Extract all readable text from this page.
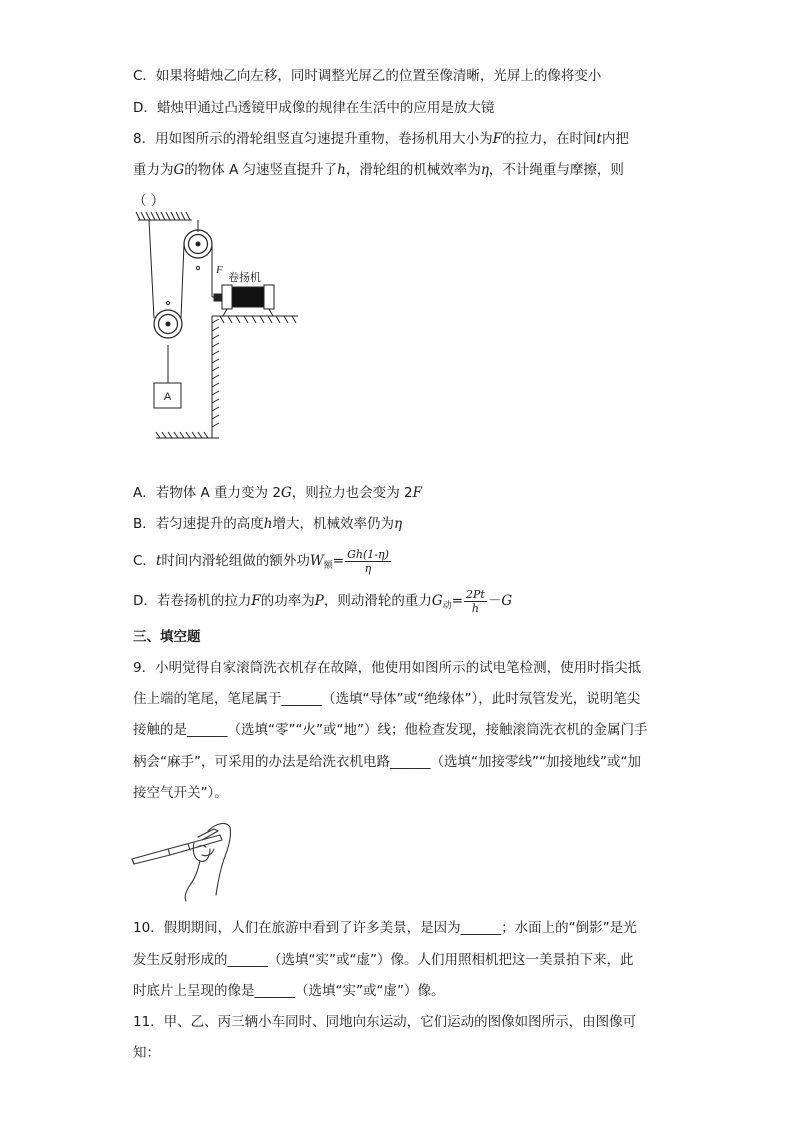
C．如果将蜡烛乙向左移，同时调整光屏乙的位置至像清晰，光屏上的像将变小
D．蜡烛甲通过凸透镜甲成像的规律在生活中的应用是放大镜
8．用如图所示的滑轮组竖直匀速提升重物，卷扬机用大小为F的拉力，在时间t内把
重力为G的物体 A 匀速竖直提升了h，滑轮组的机械效率为η，不计绳重与摩擦，则
（ ）
A
F
卷扬机
A．若物体 A 重力变为 2G，则拉力也会变为 2F
B．若匀速提升的高度h增大，机械效率仍为η
C．t时间内滑轮组做的额外功$W_额= \frac{Gh(1-\eta)}{\eta}$
D．若卷扬机的拉力F的功率为P，则动滑轮的重力$G_动= \frac{2Pt}{h} -G$
三、填空题
9．小明觉得自家滚筒洗衣机存在故障，他使用如图所示的试电笔检测，使用时指尖抵
住上端的笔尾，笔尾属于______（选填“导体”或“绝缘体”），此时氖管发光，说明笔尖
接触的是______（选填“零”“火”或“地”）线；他检查发现，接触滚筒洗衣机的金属门手
柄会“麻手”，可采用的办法是给洗衣机电路______（选填“加接零线”“加接地线”或“加
接空气开关”）。
10．假期期间，人们在旅游中看到了许多美景，是因为______；水面上的“倒影”是光
发生反射形成的______（选填“实”或“虚”）像。人们用照相机把这一美景拍下来，此
时底片上呈现的像是______（选填“实”或“虚”）像。
11．甲、乙、丙三辆小车同时、同地向东运动，它们运动的图像如图所示，由图像可
知：
